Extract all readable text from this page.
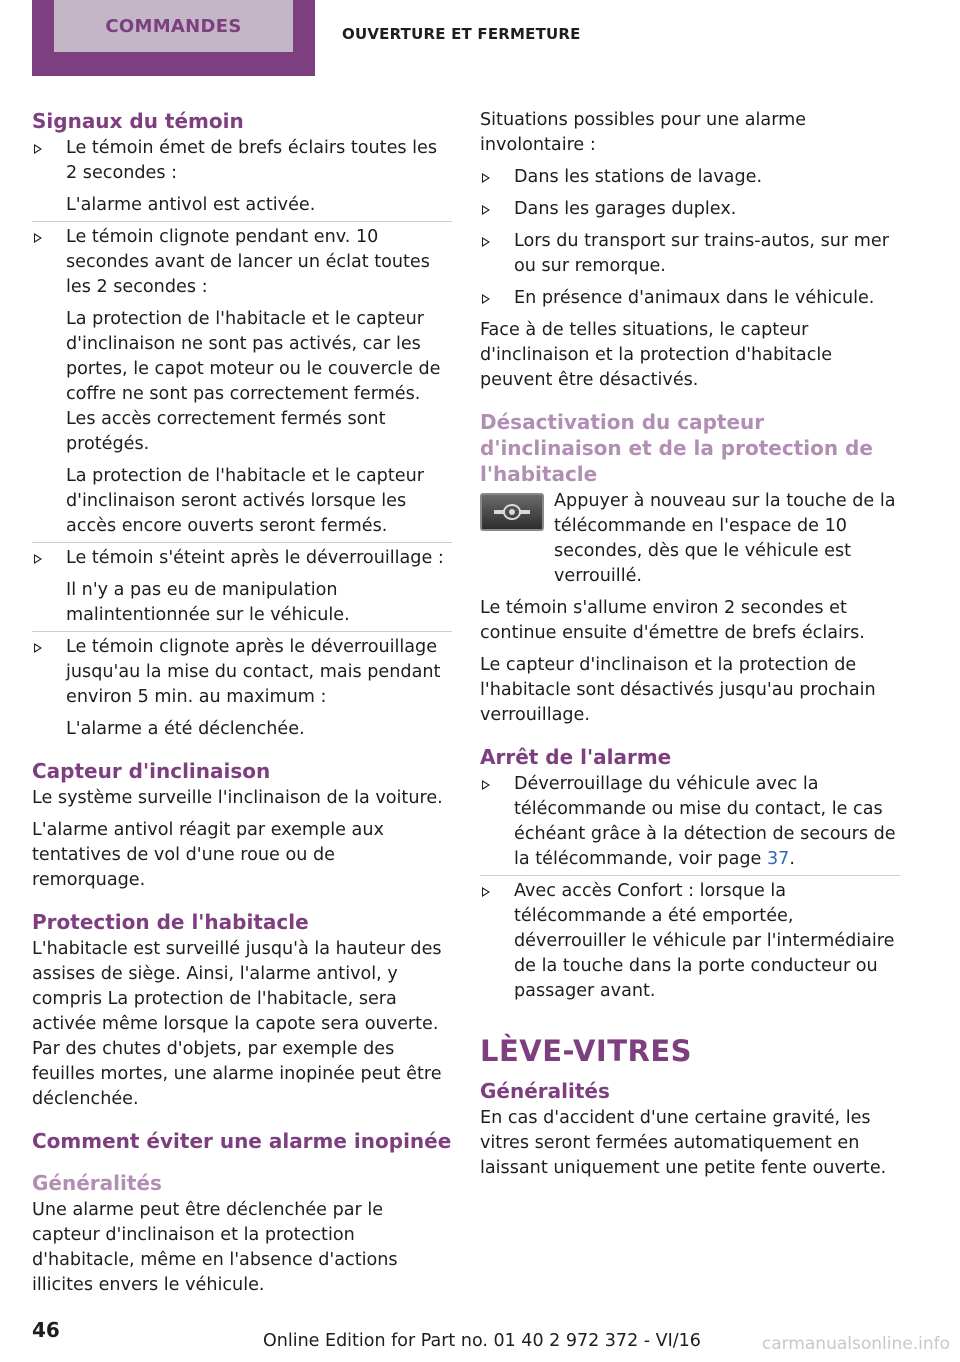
COMMANDES	OUVERTURE ET FERMETURE
Signaux du témoin

Le témoin émet de brefs éclairs toutes les 2 secondes :

L'alarme antivol est activée.

Le témoin clignote pendant env. 10 secondes avant de lancer un éclat toutes les 2 secondes :

La protection de l'habitacle et le capteur d'inclinaison ne sont pas activés, car les portes, le capot moteur ou le couvercle de coffre ne sont pas correctement fermés. Les accès correctement fermés sont protégés.

La protection de l'habitacle et le capteur d'inclinaison seront activés lorsque les accès encore ouverts seront fermés.

Le témoin s'éteint après le déverrouillage :

Il n'y a pas eu de manipulation malintentionnée sur le véhicule.

Le témoin clignote après le déverrouillage jusqu'au la mise du contact, mais pendant environ 5 min. au maximum :

L'alarme a été déclenchée.

Capteur d'inclinaison

Le système surveille l'inclinaison de la voiture.

L'alarme antivol réagit par exemple aux tentatives de vol d'une roue ou de remorquage.

Protection de l'habitacle

L'habitacle est surveillé jusqu'à la hauteur des assises de siège. Ainsi, l'alarme antivol, y compris La protection de l'habitacle, sera activée même lorsque la capote sera ouverte. Par des chutes d'objets, par exemple des feuilles mortes, une alarme inopinée peut être déclenchée.

Comment éviter une alarme inopinée
Généralités

Une alarme peut être déclenchée par le capteur d'inclinaison et la protection d'habitacle, même en l'absence d'actions illicites envers le véhicule.

Situations possibles pour une alarme involontaire :

Dans les stations de lavage.

Dans les garages duplex.

Lors du transport sur trains-autos, sur mer ou sur remorque.

En présence d'animaux dans le véhicule.

Face à de telles situations, le capteur d'inclinaison et la protection d'habitacle peuvent être désactivés.

Désactivation du capteur d'inclinaison et de la protection de l'habitacle

Appuyer à nouveau sur la touche de la télécommande en l'espace de 10 secondes, dès que le véhicule est verrouillé.

Le témoin s'allume environ 2 secondes et continue ensuite d'émettre de brefs éclairs.

Le capteur d'inclinaison et la protection de l'habitacle sont désactivés jusqu'au prochain verrouillage.

Arrêt de l'alarme

Déverrouillage du véhicule avec la télécommande ou mise du contact, le cas échéant grâce à la détection de secours de la télécommande, voir page 37.

Avec accès Confort : lorsque la télécommande a été emportée, déverrouiller le véhicule par l'intermédiaire de la touche dans la porte conducteur ou passager avant.

LÈVE-VITRES
Généralités

En cas d'accident d'une certaine gravité, les vitres seront fermées automatiquement en laissant uniquement une petite fente ouverte.

46	Online Edition for Part no. 01 40 2 972 372 - VI/16	carmanualsonline.info
